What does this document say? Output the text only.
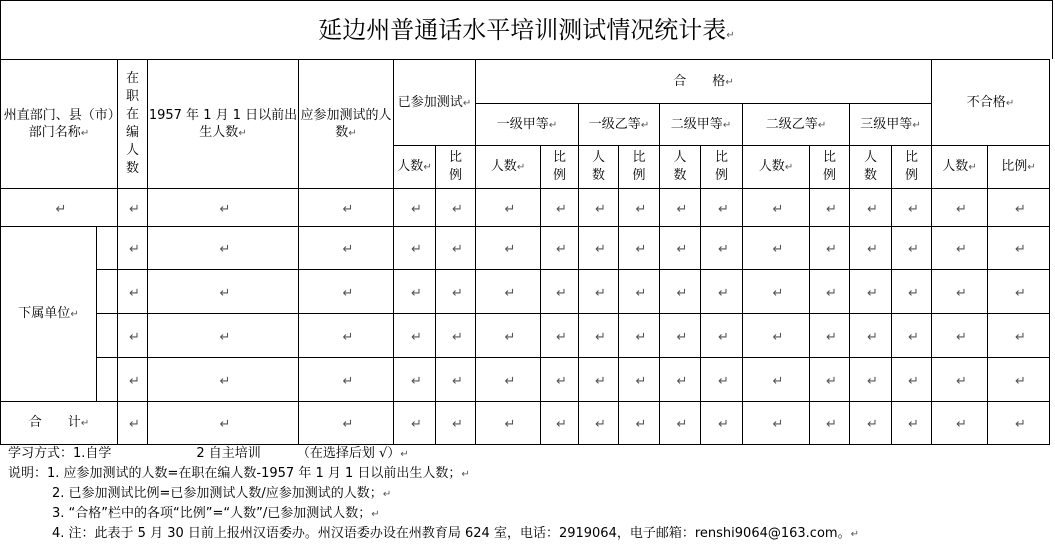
延边州普通话水平培训测试情况统计表↵
州直部门、县（市）部门名称↵		在职在编人数	1957 年 1 月 1 日以前出生人数↵	应参加测试的人数↵	已参加测试↵		合　　格↵										不合格↵	
							一级甲等↵		一级乙等↵		二级甲等↵		二级乙等↵		三级甲等↵			
					人数↵	比例	人数↵	比例	人数	比例	人数	比例	人数↵	比例	人数	比例	人数↵	比例↵
↵		↵	↵	↵	↵	↵	↵	↵	↵	↵	↵	↵	↵	↵	↵	↵	↵	↵
下属单位↵		↵	↵	↵	↵	↵	↵	↵	↵	↵	↵	↵	↵	↵	↵	↵	↵	↵
		↵	↵	↵	↵	↵	↵	↵	↵	↵	↵	↵	↵	↵	↵	↵	↵	↵
		↵	↵	↵	↵	↵	↵	↵	↵	↵	↵	↵	↵	↵	↵	↵	↵	↵
		↵	↵	↵	↵	↵	↵	↵	↵	↵	↵	↵	↵	↵	↵	↵	↵	↵
合　　计↵		↵	↵	↵	↵	↵	↵	↵	↵	↵	↵	↵	↵	↵	↵	↵	↵	↵
学习方式：1.自学	2 自主培训	（在选择后划 √）↵
说明：1. 应参加测试的人数=在职在编人数-1957 年 1 月 1 日以前出生人数；↵
2. 已参加测试比例=已参加测试人数/应参加测试的人数；↵
3. “合格”栏中的各项“比例”=“人数”/已参加测试人数；↵
4. 注：此表于 5 月 30 日前上报州汉语委办。州汉语委办设在州教育局 624 室，电话：2919064，电子邮箱：renshi9064@163.com。↵
